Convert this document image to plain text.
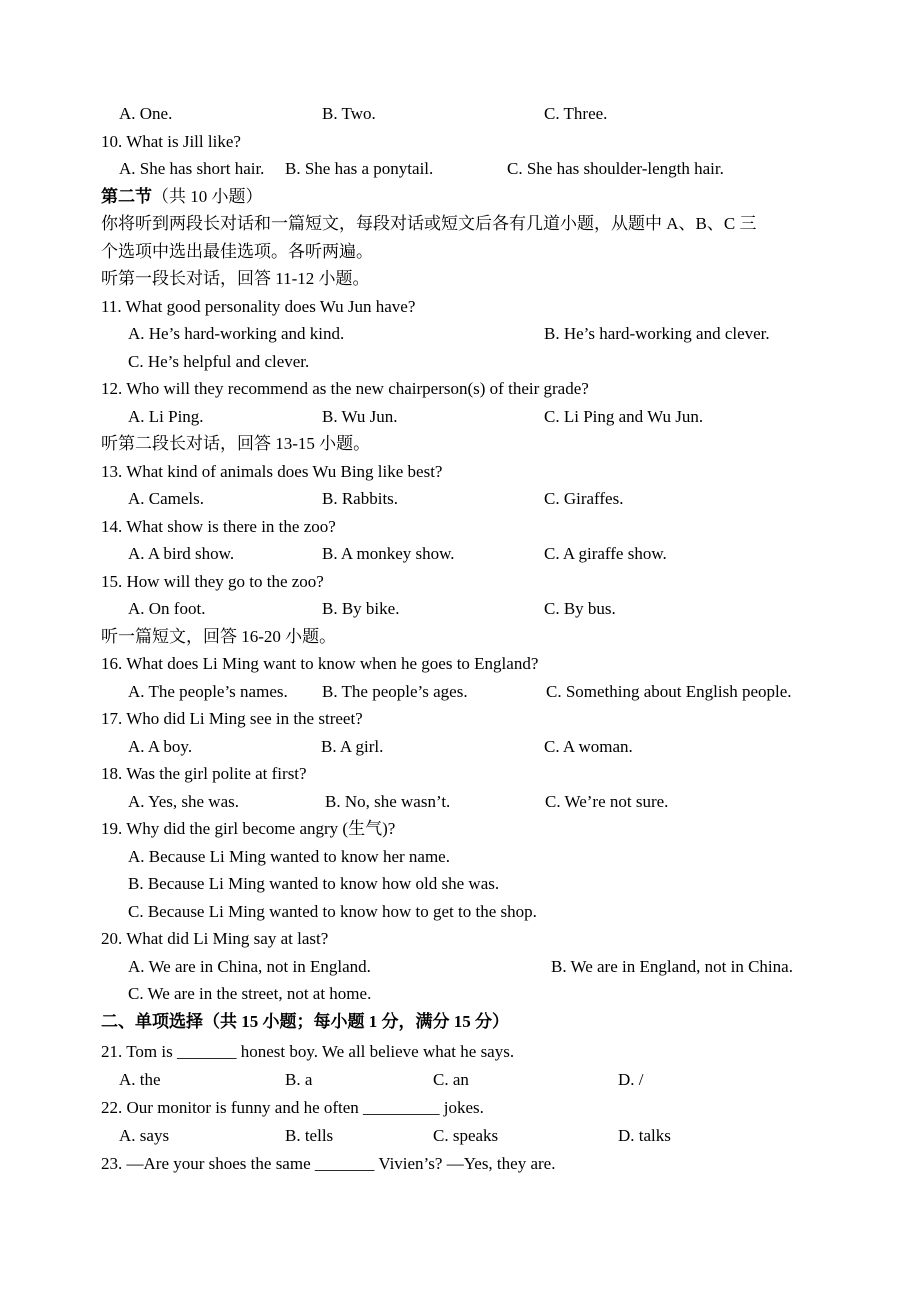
A. One.	B. Two.	C. Three.
10. What is Jill like?
A. She has short hair. B. She has a ponytail.	C. She has shoulder-length hair.
第二节（共 10 小题）
你将听到两段长对话和一篇短文，每段对话或短文后各有几道小题，从题中 A、B、C 三
个选项中选出最佳选项。各听两遍。
听第一段长对话，回答 11-12 小题。
11. What good personality does Wu Jun have?
A. He’s hard-working and kind.	B. He’s hard-working and clever.
C. He’s helpful and clever.
12. Who will they recommend as the new chairperson(s) of their grade?
A. Li Ping.	B. Wu Jun.	C. Li Ping and Wu Jun.
听第二段长对话，回答 13-15 小题。
13. What kind of animals does Wu Bing like best?
A. Camels.	B. Rabbits.	C. Giraffes.
14. What show is there in the zoo?
A. A bird show.	B. A monkey show.	C. A giraffe show.
15. How will they go to the zoo?
A. On foot.	B. By bike.	C. By bus.
听一篇短文，回答 16-20 小题。
16. What does Li Ming want to know when he goes to England?
A. The people’s names. B. The people’s ages.	C. Something about English people.
17. Who did Li Ming see in the street?
A. A boy.	B. A girl.	C. A woman.
18. Was the girl polite at first?
A. Yes, she was.	B. No, she wasn’t.	C. We’re not sure.
19. Why did the girl become angry (生气)?
A. Because Li Ming wanted to know her name.
B. Because Li Ming wanted to know how old she was.
C. Because Li Ming wanted to know how to get to the shop.
20. What did Li Ming say at last?
A. We are in China, not in England.	B. We are in England, not in China.
C. We are in the street, not at home.
二、单项选择（共 15 小题；每小题 1 分，满分 15 分）
21. Tom is _______ honest boy. We all believe what he says.
A. the	B. a	C. an	D. /
22. Our monitor is funny and he often _________ jokes.
A. says	B. tells	C. speaks	D. talks
23. —Are your shoes the same _______ Vivien’s? —Yes, they are.
